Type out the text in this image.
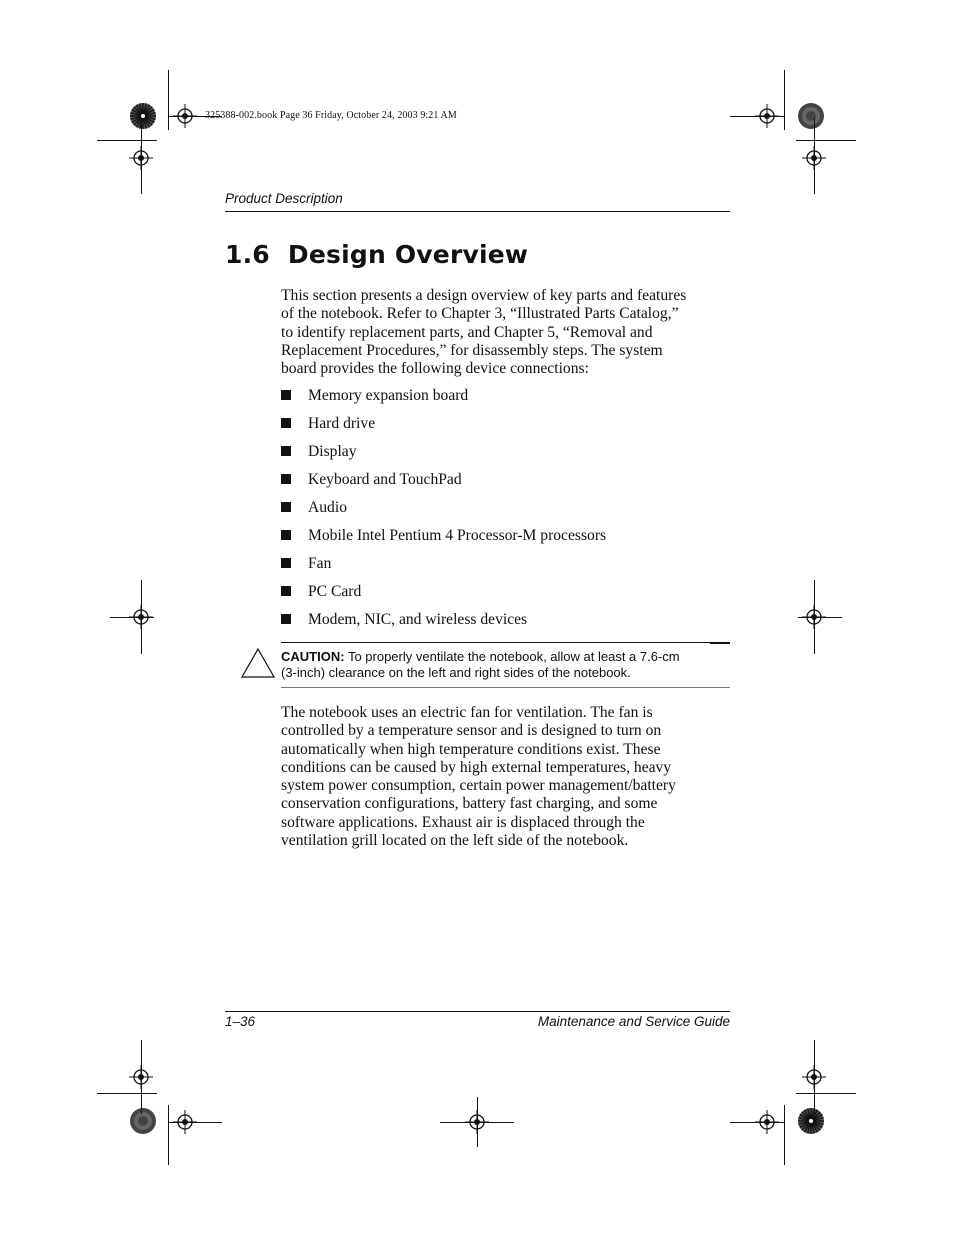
325388-002.book Page 36 Friday, October 24, 2003 9:21 AM
Product Description
1.6 Design Overview
This section presents a design overview of key parts and features
of the notebook. Refer to Chapter 3, “Illustrated Parts Catalog,”
to identify replacement parts, and Chapter 5, “Removal and
Replacement Procedures,” for disassembly steps. The system
board provides the following device connections:
Memory expansion board
Hard drive
Display
Keyboard and TouchPad
Audio
Mobile Intel Pentium 4 Processor-M processors
Fan
PC Card
Modem, NIC, and wireless devices
CAUTION: To properly ventilate the notebook, allow at least a 7.6-cm
(3-inch) clearance on the left and right sides of the notebook.
The notebook uses an electric fan for ventilation. The fan is
controlled by a temperature sensor and is designed to turn on
automatically when high temperature conditions exist. These
conditions can be caused by high external temperatures, heavy
system power consumption, certain power management/battery
conservation configurations, battery fast charging, and some
software applications. Exhaust air is displaced through the
ventilation grill located on the left side of the notebook.
1–36	Maintenance and Service Guide
